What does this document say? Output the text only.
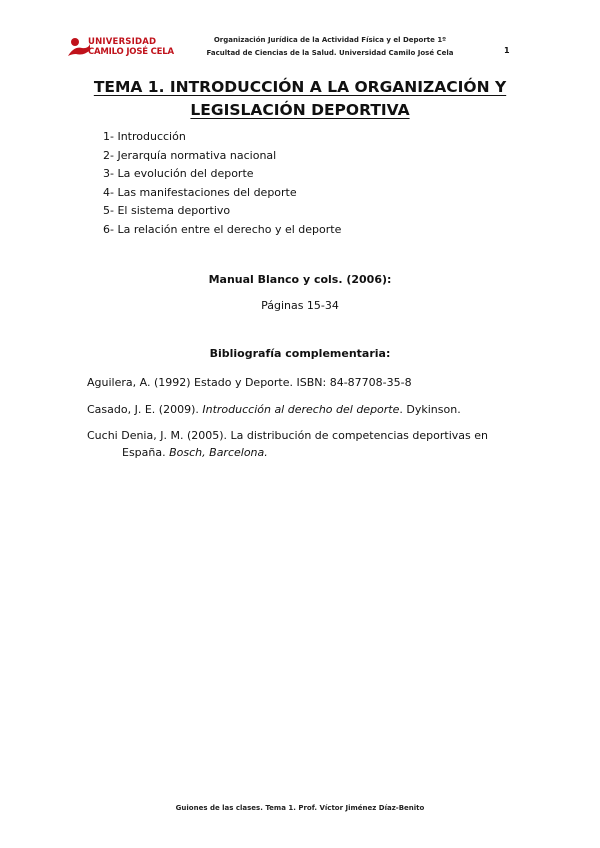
UNIVERSIDAD
CAMILO JOSÉ CELA
Organización Jurídica de la Actividad Física y el Deporte 1º
Facultad de Ciencias de la Salud. Universidad Camilo José Cela	1
TEMA 1. INTRODUCCIÓN A LA ORGANIZACIÓN Y
LEGISLACIÓN DEPORTIVA
1- Introducción
2- Jerarquía normativa nacional
3- La evolución del deporte
4- Las manifestaciones del deporte
5- El sistema deportivo
6- La relación entre el derecho y el deporte
Manual Blanco y cols. (2006):
Páginas 15-34
Bibliografía complementaria:
Aguilera, A. (1992) Estado y Deporte. ISBN: 84-87708-35-8
Casado, J. E. (2009). Introducción al derecho del deporte. Dykinson.
Cuchi Denia, J. M. (2005). La distribución de competencias deportivas en
España. Bosch, Barcelona.
Guiones de las clases. Tema 1. Prof. Víctor Jiménez Díaz-Benito
